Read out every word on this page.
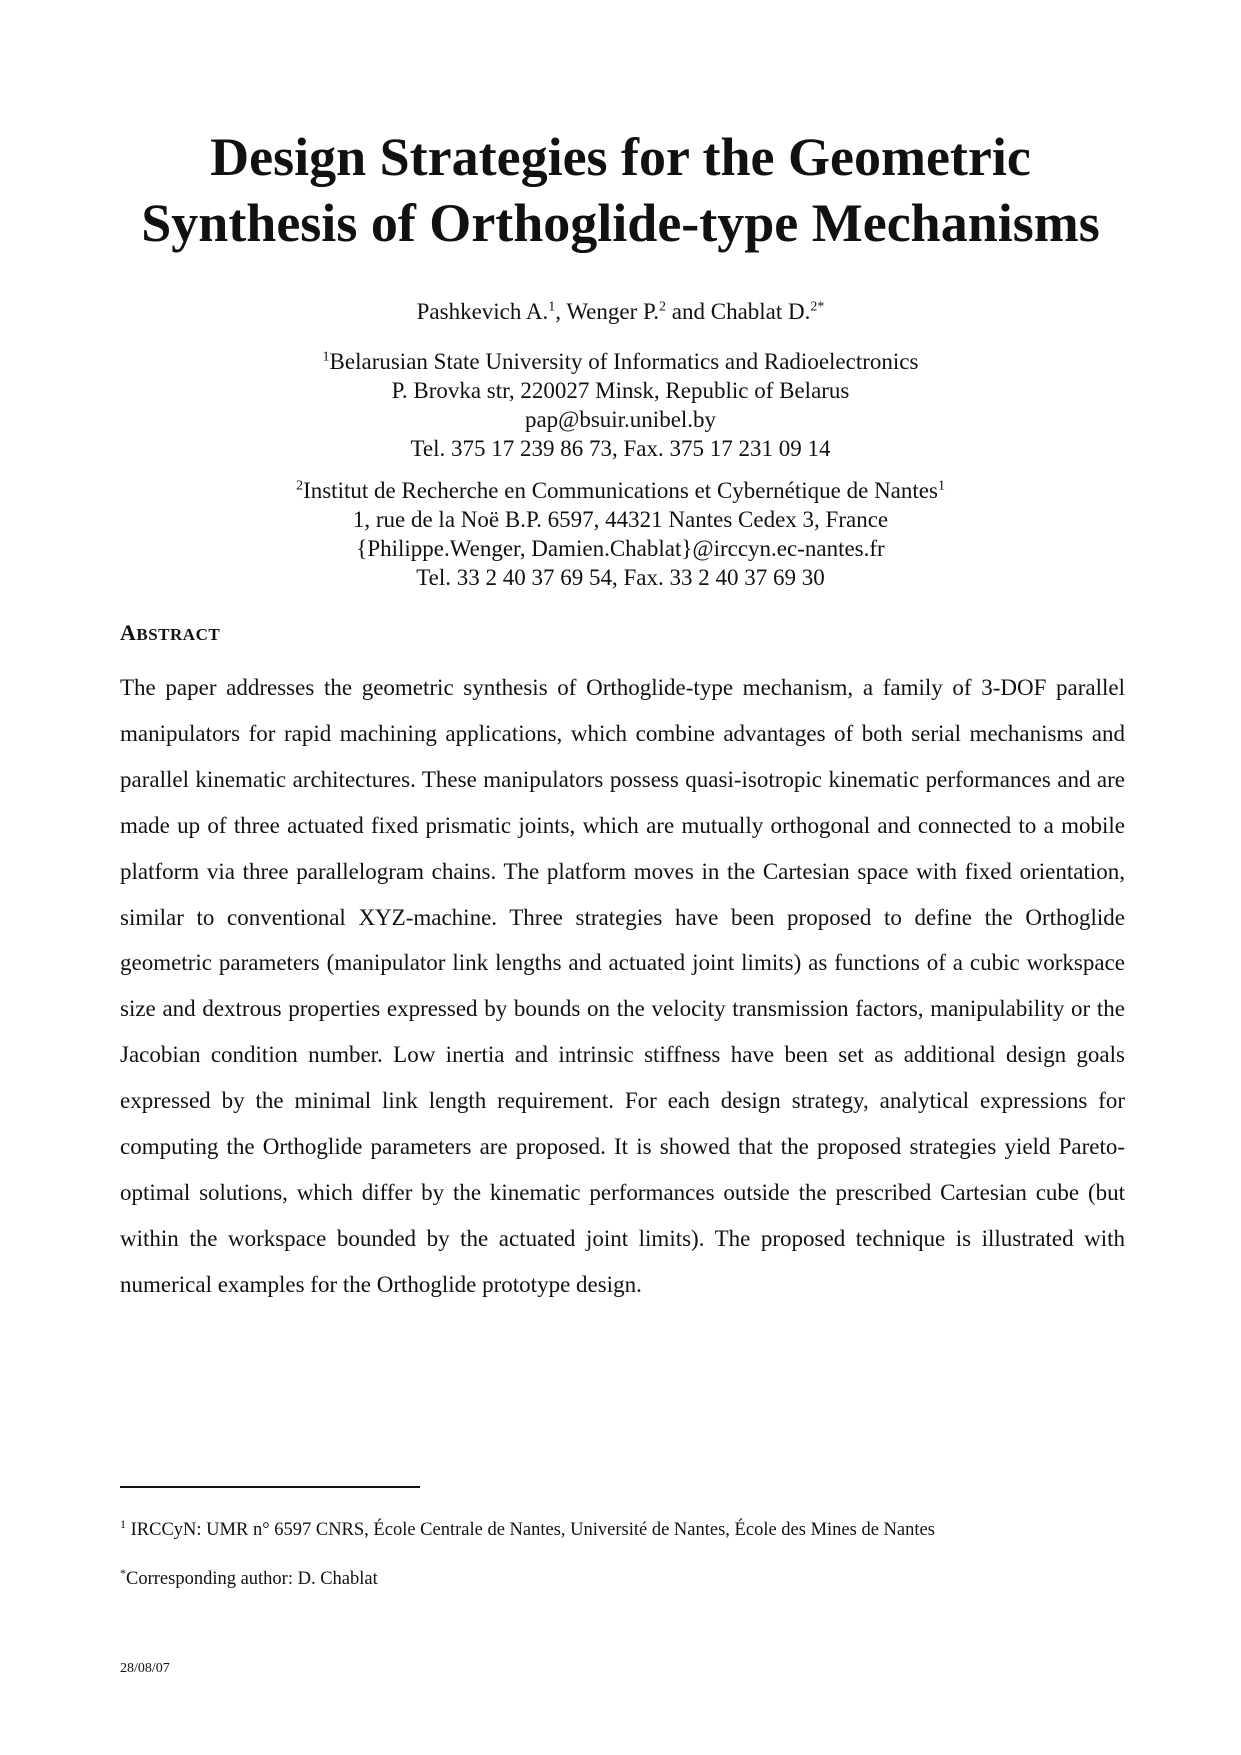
Design Strategies for the Geometric
Synthesis of Orthoglide-type Mechanisms
Pashkevich A.$^1$, Wenger P.$^2$ and Chablat D.$^{2*}$
$^1$Belarusian State University of Informatics and Radioelectronics
P. Brovka str, 220027 Minsk, Republic of Belarus
pap@bsuir.unibel.by
Tel. 375 17 239 86 73, Fax. 375 17 231 09 14
$^2$Institut de Recherche en Communications et Cybernétique de Nantes$^1$
1, rue de la Noë B.P. 6597, 44321 Nantes Cedex 3, France
{Philippe.Wenger, Damien.Chablat}@irccyn.ec-nantes.fr
Tel. 33 2 40 37 69 54, Fax. 33 2 40 37 69 30
ABSTRACT

The paper addresses the geometric synthesis of Orthoglide-type mechanism, a family of 3-DOF parallel manipulators for rapid machining applications, which combine advantages of both serial mechanisms and parallel kinematic architectures. These manipulators possess quasi-isotropic kinematic performances and are made up of three actuated fixed prismatic joints, which are mutually orthogonal and connected to a mobile platform via three parallelogram chains. The platform moves in the Cartesian space with fixed orientation, similar to conventional XYZ-machine. Three strategies have been proposed to define the Orthoglide geometric parameters (manipulator link lengths and actuated joint limits) as functions of a cubic workspace size and dextrous properties expressed by bounds on the velocity transmission factors, manipulability or the Jacobian condition number. Low inertia and intrinsic stiffness have been set as additional design goals expressed by the minimal link length requirement. For each design strategy, analytical expressions for computing the Orthoglide parameters are proposed. It is showed that the proposed strategies yield Pareto-optimal solutions, which differ by the kinematic performances outside the prescribed Cartesian cube (but within the workspace bounded by the actuated joint limits). The proposed technique is illustrated with numerical examples for the Orthoglide prototype design.

$^1$ IRCCyN: UMR n° 6597 CNRS, École Centrale de Nantes, Université de Nantes, École des Mines de Nantes
*Corresponding author: D. Chablat
28/08/07
